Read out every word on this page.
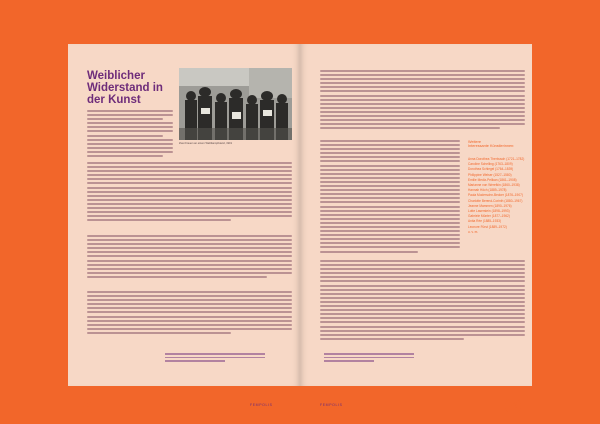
Weiblicher Widerstand in der Kunst
Zwei Frauen an einem Wahlkampfstand, 1919
22	FEMPOLIS
Weitere
Interessante Künstlerinnen:
Anna Dorothea Therbusch (1721–1782)
Caroline Schelling (1763–1809)
Dorothea Schlegel (1764–1839)
Philippine Welser (1527–1580)
Emilie Mediz-Pelikan (1861–1908)
Marianne von Werefkin (1860–1938)
Hannah Höch (1889–1978)
Paula Modersohn-Becker (1876–1907)
Charlotte Berend-Corinth (1880–1967)
Jeanne Mammen (1890–1976)
Lotte Laserstein (1898–1993)
Gabriele Münter (1877–1962)
Anita Rée (1885–1933)
Leonore Fürst (1889–1972)
u. v. m.
FEMPOLIS	23
